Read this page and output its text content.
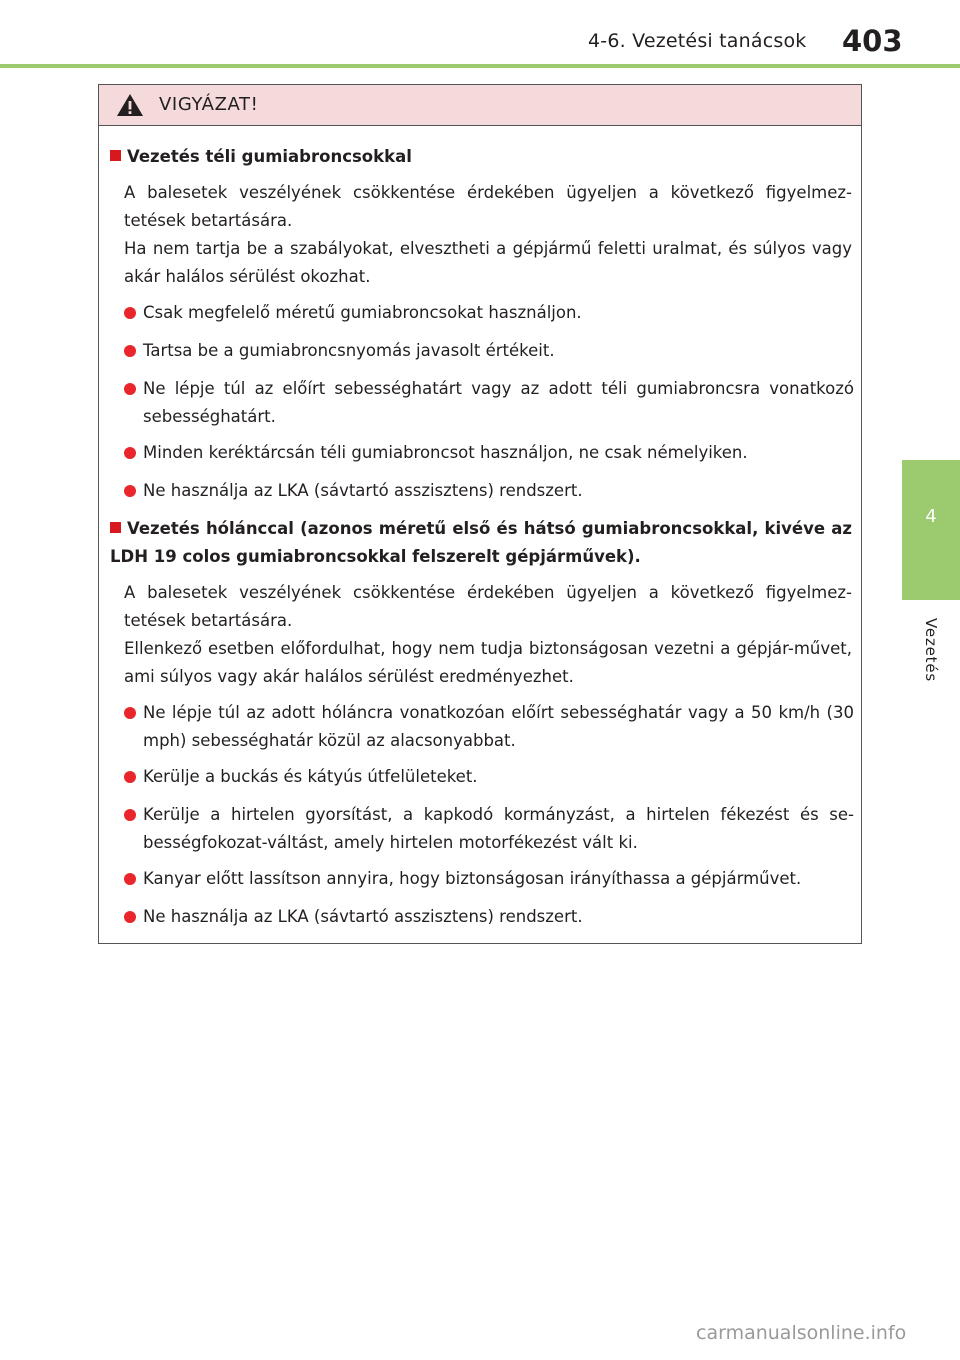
4-6. Vezetési tanácsok 403
4
Vezetés
VIGYÁZAT!
Vezetés téli gumiabroncsokkal
A balesetek veszélyének csökkentése érdekében ügyeljen a következő figyelmez-tetések betartására.
Ha nem tartja be a szabályokat, elvesztheti a gépjármű feletti uralmat, és súlyos vagy akár halálos sérülést okozhat.
Csak megfelelő méretű gumiabroncsokat használjon.
Tartsa be a gumiabroncsnyomás javasolt értékeit.
Ne lépje túl az előírt sebességhatárt vagy az adott téli gumiabroncsra vonatkozó sebességhatárt.
Minden keréktárcsán téli gumiabroncsot használjon, ne csak némelyiken.
Ne használja az LKA (sávtartó asszisztens) rendszert.
Vezetés hólánccal (azonos méretű első és hátsó gumiabroncsokkal, kivéve az LDH 19 colos gumiabroncsokkal felszerelt gépjárművek).
A balesetek veszélyének csökkentése érdekében ügyeljen a következő figyelmez-tetések betartására.
Ellenkező esetben előfordulhat, hogy nem tudja biztonságosan vezetni a gépjár-művet, ami súlyos vagy akár halálos sérülést eredményezhet.
Ne lépje túl az adott hóláncra vonatkozóan előírt sebességhatár vagy a 50 km/h (30 mph) sebességhatár közül az alacsonyabbat.
Kerülje a buckás és kátyús útfelületeket.
Kerülje a hirtelen gyorsítást, a kapkodó kormányzást, a hirtelen fékezést és se-bességfokozat-váltást, amely hirtelen motorfékezést vált ki.
Kanyar előtt lassítson annyira, hogy biztonságosan irányíthassa a gépjárművet.
Ne használja az LKA (sávtartó asszisztens) rendszert.
carmanualsonline.info
